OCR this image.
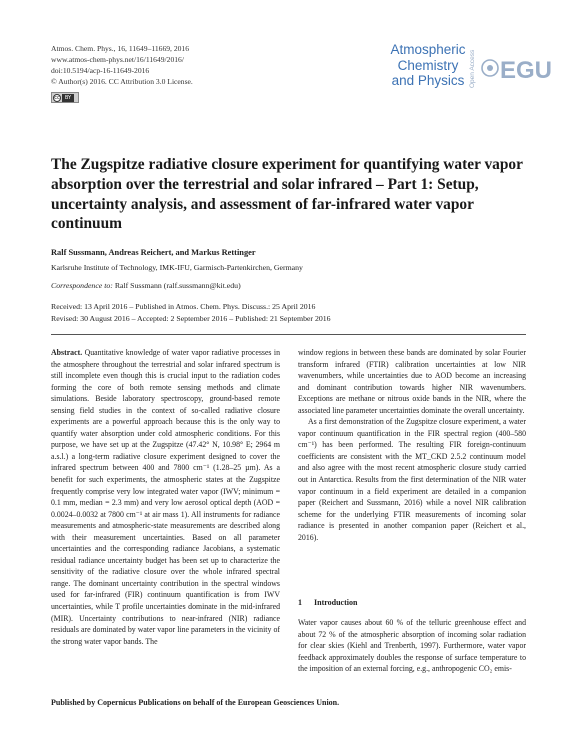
Atmos. Chem. Phys., 16, 11649–11669, 2016
www.atmos-chem-phys.net/16/11649/2016/
doi:10.5194/acp-16-11649-2016
© Author(s) 2016. CC Attribution 3.0 License.
cc	BY
Atmospheric
Chemistry
and Physics Open Access EGU
The Zugspitze radiative closure experiment for quantifying water vapor absorption over the terrestrial and solar infrared – Part 1: Setup, uncertainty analysis, and assessment of far-infrared water vapor continuum
Ralf Sussmann, Andreas Reichert, and Markus Rettinger
Karlsruhe Institute of Technology, IMK-IFU, Garmisch-Partenkirchen, Germany
Correspondence to: Ralf Sussmann (ralf.sussmann@kit.edu)
Received: 13 April 2016 – Published in Atmos. Chem. Phys. Discuss.: 25 April 2016
Revised: 30 August 2016 – Accepted: 2 September 2016 – Published: 21 September 2016

Abstract. Quantitative knowledge of water vapor radiative processes in the atmosphere throughout the terrestrial and solar infrared spectrum is still incomplete even though this is crucial input to the radiation codes forming the core of both remote sensing methods and climate simulations. Beside laboratory spectroscopy, ground-based remote sensing field studies in the context of so-called radiative closure experiments are a powerful approach because this is the only way to quantify water absorption under cold atmospheric conditions. For this purpose, we have set up at the Zugspitze (47.42° N, 10.98° E; 2964 m a.s.l.) a long-term radiative closure experiment designed to cover the infrared spectrum between 400 and 7800 cm⁻¹ (1.28–25 µm). As a benefit for such experiments, the atmospheric states at the Zugspitze frequently comprise very low integrated water vapor (IWV; minimum = 0.1 mm, median = 2.3 mm) and very low aerosol optical depth (AOD = 0.0024–0.0032 at 7800 cm⁻¹ at air mass 1). All instruments for radiance measurements and atmospheric-state measurements are described along with their measurement uncertainties. Based on all parameter uncertainties and the corresponding radiance Jacobians, a systematic residual radiance uncertainty budget has been set up to characterize the sensitivity of the radiative closure over the whole infrared spectral range. The dominant uncertainty contribution in the spectral windows used for far-infrared (FIR) continuum quantification is from IWV uncertainties, while T profile uncertainties dominate in the mid-infrared (MIR). Uncertainty contributions to near-infrared (NIR) radiance residuals are dominated by water vapor line parameters in the vicinity of the strong water vapor bands. The

window regions in between these bands are dominated by solar Fourier transform infrared (FTIR) calibration uncertainties at low NIR wavenumbers, while uncertainties due to AOD become an increasing and dominant contribution towards higher NIR wavenumbers. Exceptions are methane or nitrous oxide bands in the NIR, where the associated line parameter uncertainties dominate the overall uncertainty.

As a first demonstration of the Zugspitze closure experiment, a water vapor continuum quantification in the FIR spectral region (400–580 cm⁻¹) has been performed. The resulting FIR foreign-continuum coefficients are consistent with the MT_CKD 2.5.2 continuum model and also agree with the most recent atmospheric closure study carried out in Antarctica. Results from the first determination of the NIR water vapor continuum in a field experiment are detailed in a companion paper (Reichert and Sussmann, 2016) while a novel NIR calibration scheme for the underlying FTIR measurements of incoming solar radiance is presented in another companion paper (Reichert et al., 2016).

1 Introduction

Water vapor causes about 60 % of the telluric greenhouse effect and about 72 % of the atmospheric absorption of incoming solar radiation for clear skies (Kiehl and Trenberth, 1997). Furthermore, water vapor feedback approximately doubles the response of surface temperature to the imposition of an external forcing, e.g., anthropogenic CO₂ emis-

Published by Copernicus Publications on behalf of the European Geosciences Union.
